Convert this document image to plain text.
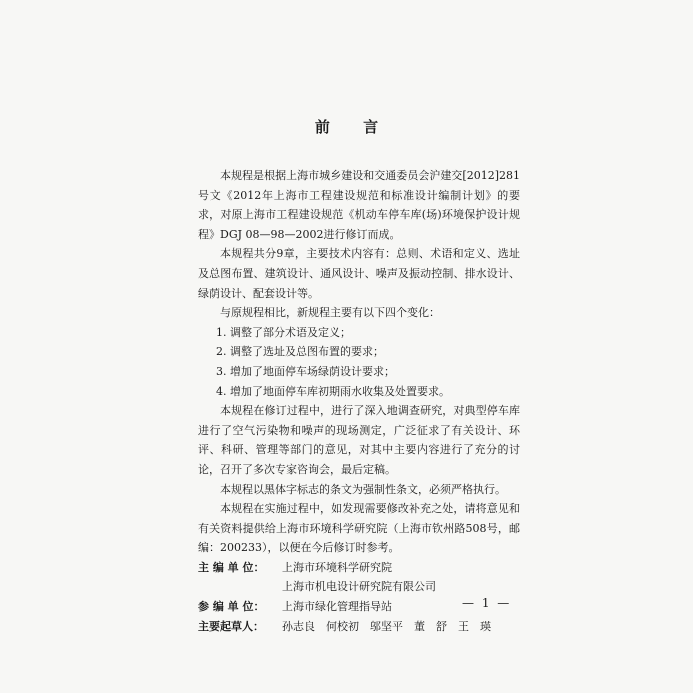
前 言

本规程是根据上海市城乡建设和交通委员会沪建交[2012]281号文《2012年上海市工程建设规范和标准设计编制计划》的要求，对原上海市工程建设规范《机动车停车库(场)环境保护设计规程》DGJ 08—98—2002进行修订而成。

本规程共分9章，主要技术内容有：总则、术语和定义、选址及总图布置、建筑设计、通风设计、噪声及振动控制、排水设计、绿荫设计、配套设计等。

与原规程相比，新规程主要有以下四个变化：

1. 调整了部分术语及定义；

2. 调整了选址及总图布置的要求；

3. 增加了地面停车场绿荫设计要求；

4. 增加了地面停车库初期雨水收集及处置要求。

本规程在修订过程中，进行了深入地调查研究，对典型停车库进行了空气污染物和噪声的现场测定，广泛征求了有关设计、环评、科研、管理等部门的意见，对其中主要内容进行了充分的讨论，召开了多次专家咨询会，最后定稿。

本规程以黑体字标志的条文为强制性条文，必须严格执行。

本规程在实施过程中，如发现需要修改补充之处，请将意见和有关资料提供给上海市环境科学研究院（上海市钦州路508号，邮编：200233），以便在今后修订时参考。

主 编 单 位： 上海市环境科学研究院

上海市机电设计研究院有限公司

参 编 单 位： 上海市绿化管理指导站

主要起草人： 孙志良　何校初　邬坚平　董　舒　王　瑛

— 1 —
